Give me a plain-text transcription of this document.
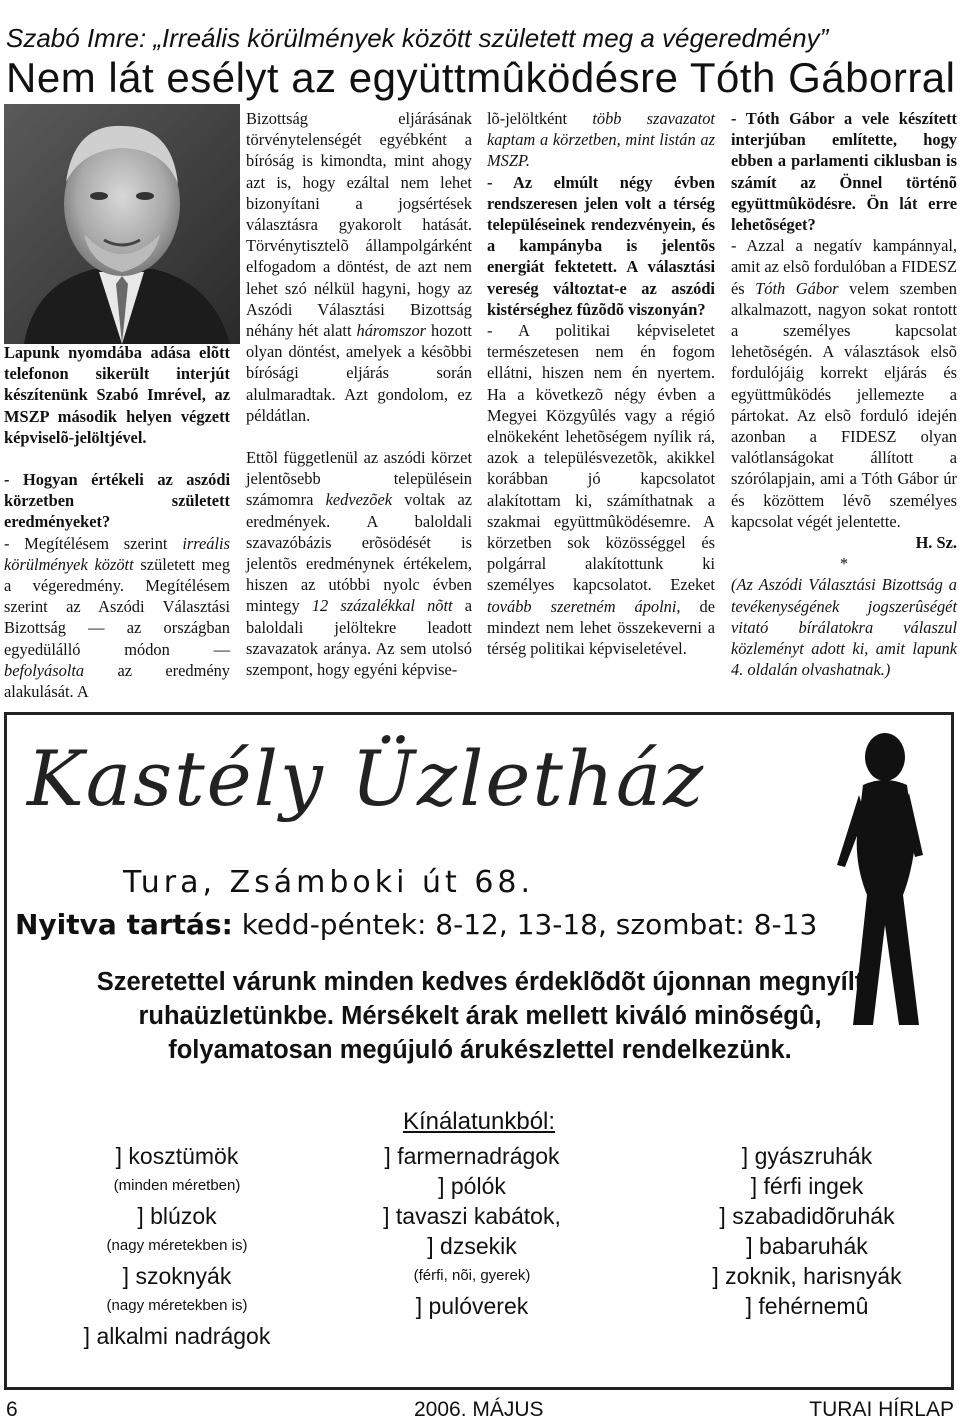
Szabó Imre: „Irreális körülmények között született meg a végeredmény”
Nem lát esélyt az együttmûködésre Tóth Gáborral

Lapunk nyomdába adása elõtt telefonon sikerült interjút készítenünk Szabó Imrével, az MSZP második helyen végzett képviselõ-jelöltjével.

- Hogyan értékeli az aszódi körzetben született eredményeket?

- Megítélésem szerint irreális körülmények között született meg a végeredmény. Megítélésem szerint az Aszódi Választási Bizottság — az országban egyedülálló módon — befolyásolta az eredmény alakulását. A

Bizottság eljárásának törvénytelenségét egyébként a bíróság is kimondta, mint ahogy azt is, hogy ezáltal nem lehet bizonyítani a jogsértések választásra gyakorolt hatását. Törvénytisztelõ állampolgárként elfogadom a döntést, de azt nem lehet szó nélkül hagyni, hogy az Aszódi Választási Bizottság néhány hét alatt háromszor hozott olyan döntést, amelyek a késõbbi bírósági eljárás során alulmaradtak. Azt gondolom, ez példátlan.

Ettõl függetlenül az aszódi körzet jelentõsebb településein számomra kedvezõek voltak az eredmények. A baloldali szavazóbázis erõsödését is jelentõs eredménynek értékelem, hiszen az utóbbi nyolc évben mintegy 12 százalékkal nõtt a baloldali jelöltekre leadott szavazatok aránya. Az sem utolsó szempont, hogy egyéni képvise-

lõ-jelöltként több szavazatot kaptam a körzetben, mint listán az MSZP.

- Az elmúlt négy évben rendszeresen jelen volt a térség településeinek rendezvényein, és a kampányba is jelentõs energiát fektetett. A választási vereség változtat-e az aszódi kistérséghez fûzõdõ viszonyán?

- A politikai képviseletet természetesen nem én fogom ellátni, hiszen nem én nyertem. Ha a következõ négy évben a Megyei Közgyûlés vagy a régió elnökeként lehetõségem nyílik rá, azok a településvezetõk, akikkel korábban jó kapcsolatot alakítottam ki, számíthatnak a szakmai együttmûködésemre. A körzetben sok közösséggel és polgárral alakítottunk ki személyes kapcsolatot. Ezeket tovább szeretném ápolni, de mindezt nem lehet összekeverni a térség politikai képviseletével.

- Tóth Gábor a vele készített interjúban említette, hogy ebben a parlamenti ciklusban is számít az Önnel történõ együttmûködésre. Ön lát erre lehetõséget?

- Azzal a negatív kampánnyal, amit az elsõ fordulóban a FIDESZ és Tóth Gábor velem szemben alkalmazott, nagyon sokat rontott a személyes kapcsolat lehetõségén. A választások elsõ fordulójáig korrekt eljárás és együttmûködés jellemezte a pártokat. Az elsõ forduló idején azonban a FIDESZ olyan valótlanságokat állított a szórólapjain, ami a Tóth Gábor úr és közöttem lévõ személyes kapcsolat végét jelentette.

H. Sz.

*

(Az Aszódi Választási Bizottság a tevékenységének jogszerûségét vitató bírálatokra válaszul közleményt adott ki, amit lapunk 4. oldalán olvashatnak.)

Kastély Üzletház
Tura, Zsámboki út 68.
Nyitva tartás: kedd-péntek: 8-12, 13-18, szombat: 8-13
Szeretettel várunk minden kedves érdeklõdõt újonnan megnyílt
ruhaüzletünkbe. Mérsékelt árak mellett kiváló minõségû,
folyamatosan megújuló árukészlettel rendelkezünk.
Kínálatunkból:
] kosztümök
(minden méretben)
] blúzok
(nagy méretekben is)
] szoknyák
(nagy méretekben is)
] alkalmi nadrágok
] farmernadrágok
] pólók
] tavaszi kabátok,
] dzsekik
(férfi, nõi, gyerek)
] pulóverek
] gyászruhák
] férfi ingek
] szabadidõruhák
] babaruhák
] zoknik, harisnyák
] fehérnemû
6	2006. MÁJUS	TURAI HÍRLAP
